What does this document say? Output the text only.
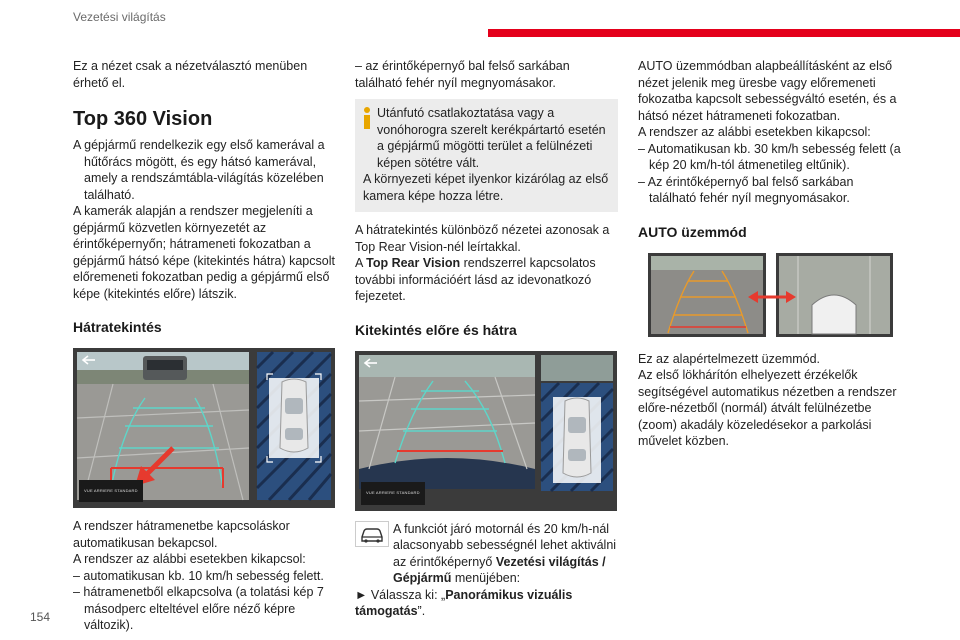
Vezetési világítás

Ez a nézet csak a nézetválasztó menüben érhető el.

Top 360 Vision

A gépjármű rendelkezik egy első kamerával a hűtőrács mögött, és egy hátsó kamerával, amely a rendszámtábla-világítás közelében található.

A kamerák alapján a rendszer megjeleníti a gépjármű közvetlen környezetét az érintőképernyőn; hátrameneti fokozatban a gépjármű hátsó képe (kitekintés hátra) kapcsolt előremeneti fokozatban pedig a gépjármű első képe (kitekintés előre) látszik.

Hátratekintés
VUE ARRIERE STANDARD

A rendszer hátramenetbe kapcsoláskor automatikusan bekapcsol.

A rendszer az alábbi esetekben kikapcsol:

– automatikusan kb. 10 km/h sebesség felett.

– hátramenetből elkapcsolva (a tolatási kép 7 másodperc elteltével előre néző képre változik).

– az érintőképernyő bal felső sarkában található fehér nyíl megnyomásakor.

Utánfutó csatlakoztatása vagy a vonóhorogra szerelt kerékpártartó esetén a gépjármű mögötti terület a felülnézeti képen sötétre vált.

A környezeti képet ilyenkor kizárólag az első kamera képe hozza létre.

A hátratekintés különböző nézetei azonosak a Top Rear Vision-nél leírtakkal.

A Top Rear Vision rendszerrel kapcsolatos további információért lásd az idevonatkozó fejezetet.

Kitekintés előre és hátra
VUE ARRIERE STANDARD

A funkciót járó motornál és 20 km/h-nál alacsonyabb sebességnél lehet aktiválni az érintőképernyő Vezetési világítás / Gépjármű menüjében:

► Válassza ki: „Panorámikus vizuális támogatás”.

AUTO üzemmódban alapbeállításként az első nézet jelenik meg üresbe vagy előremeneti fokozatba kapcsolt sebességváltó esetén, és a hátsó nézet hátrameneti fokozatban.

A rendszer az alábbi esetekben kikapcsol:

– Automatikusan kb. 30 km/h sebesség felett (a kép 20 km/h-tól átmenetileg eltűnik).

– Az érintőképernyő bal felső sarkában található fehér nyíl megnyomásakor.

AUTO üzemmód

Ez az alapértelmezett üzemmód.

Az első lökhárítón elhelyezett érzékelők segítségével automatikus nézetben a rendszer előre-nézetből (normál) átvált felülnézetbe (zoom) akadály közeledésekor a parkolási művelet közben.

154
